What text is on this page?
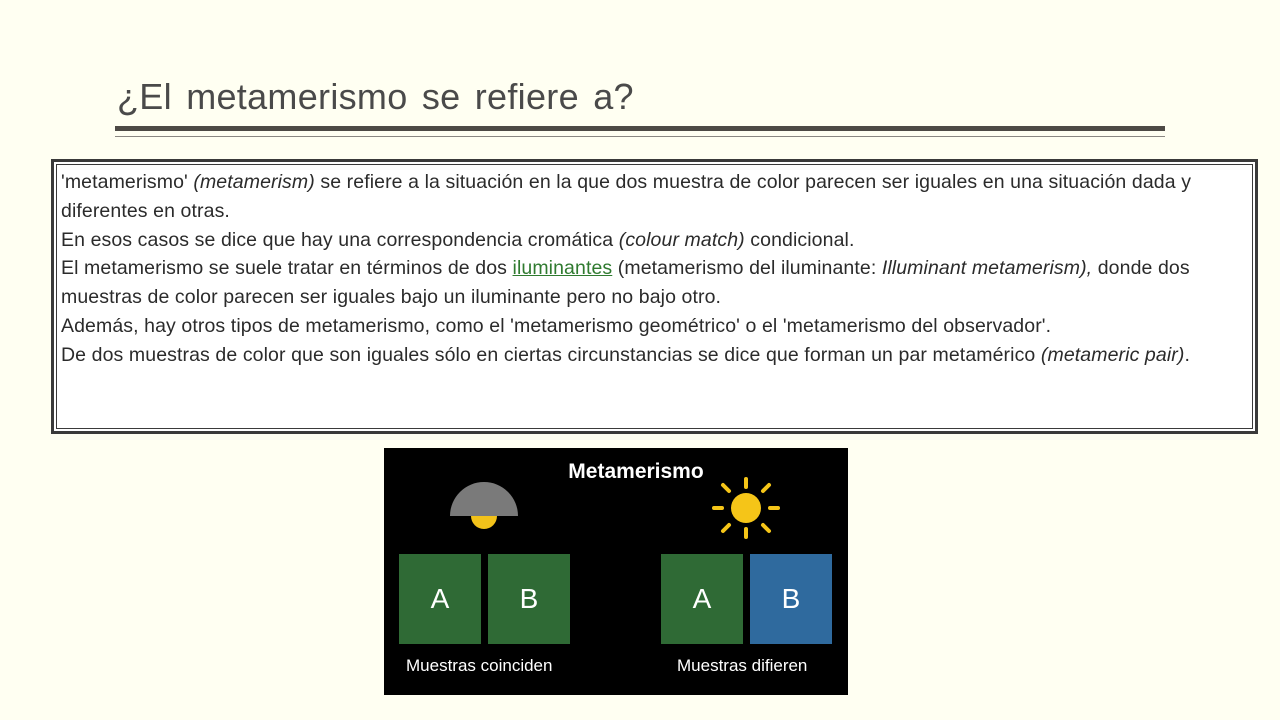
¿El metamerismo se refiere a?

'metamerismo' (metamerism) se refiere a la situación en la que dos muestra de color parecen ser iguales en una situación dada y diferentes en otras.

En esos casos se dice que hay una correspondencia cromática (colour match) condicional.

El metamerismo se suele tratar en términos de dos iluminantes (metamerismo del iluminante: Illuminant metamerism), donde dos muestras de color parecen ser iguales bajo un iluminante pero no bajo otro.

Además, hay otros tipos de metamerismo, como el 'metamerismo geométrico' o el 'metamerismo del observador'.

De dos muestras de color que son iguales sólo en ciertas circunstancias se dice que forman un par metamérico (metameric pair).

Metamerismo
A	B	A	B
Muestras coinciden	Muestras difieren
